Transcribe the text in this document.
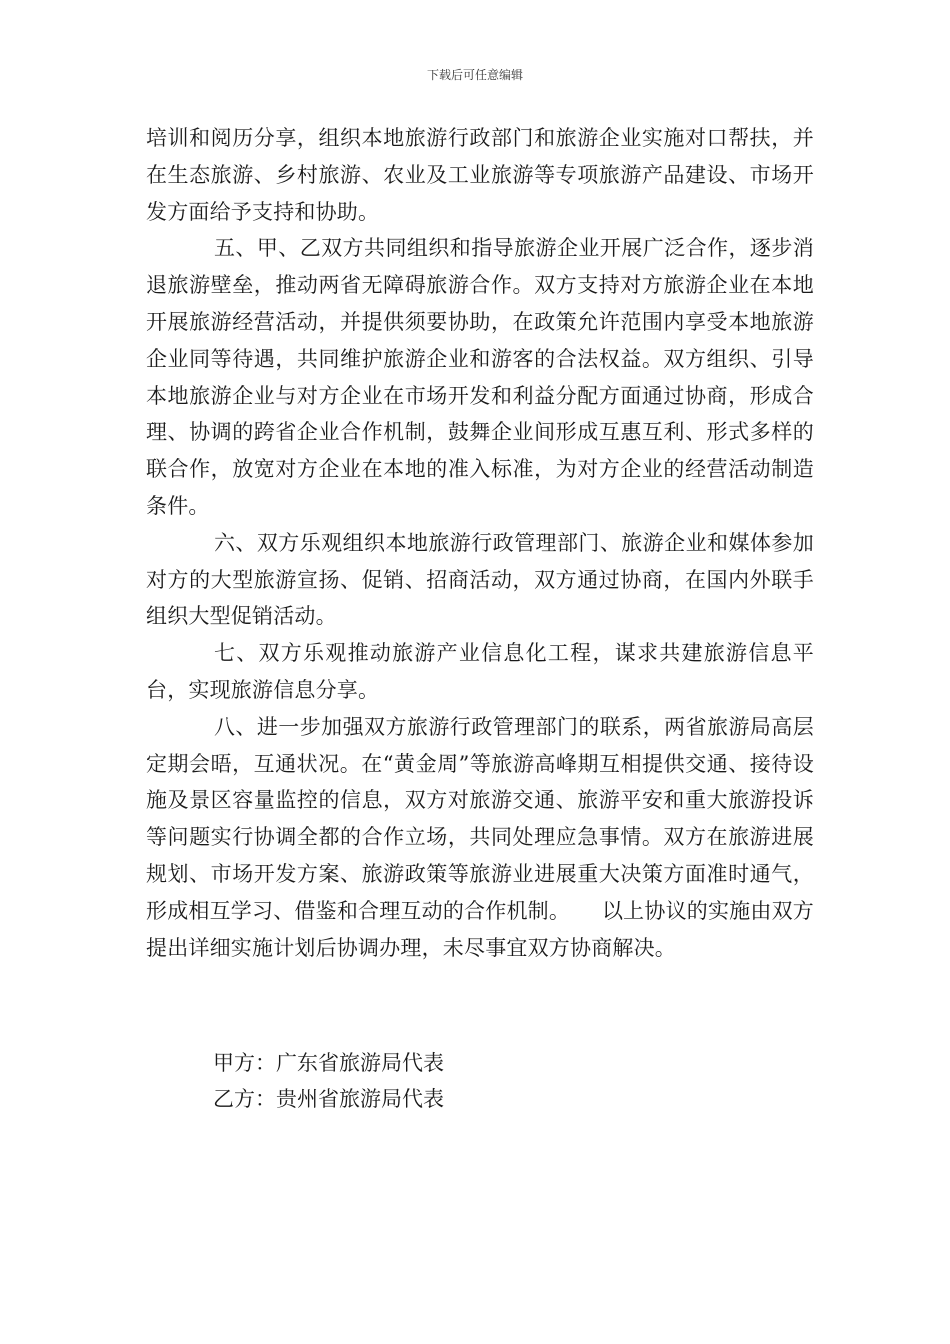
下载后可任意编辑

培训和阅历分享，组织本地旅游行政部门和旅游企业实施对口帮扶，并在生态旅游、乡村旅游、农业及工业旅游等专项旅游产品建设、市场开发方面给予支持和协助。

五、甲、乙双方共同组织和指导旅游企业开展广泛合作，逐步消退旅游壁垒，推动两省无障碍旅游合作。双方支持对方旅游企业在本地开展旅游经营活动，并提供须要协助，在政策允许范围内享受本地旅游企业同等待遇，共同维护旅游企业和游客的合法权益。双方组织、引导本地旅游企业与对方企业在市场开发和利益分配方面通过协商，形成合理、协调的跨省企业合作机制，鼓舞企业间形成互惠互利、形式多样的联合作，放宽对方企业在本地的准入标准，为对方企业的经营活动制造条件。

六、双方乐观组织本地旅游行政管理部门、旅游企业和媒体参加对方的大型旅游宣扬、促销、招商活动，双方通过协商，在国内外联手组织大型促销活动。

七、双方乐观推动旅游产业信息化工程，谋求共建旅游信息平台，实现旅游信息分享。

八、进一步加强双方旅游行政管理部门的联系，两省旅游局高层定期会晤，互通状况。在“黄金周”等旅游高峰期互相提供交通、接待设施及景区容量监控的信息，双方对旅游交通、旅游平安和重大旅游投诉等问题实行协调全都的合作立场，共同处理应急事情。双方在旅游进展规划、市场开发方案、旅游政策等旅游业进展重大决策方面准时通气，形成相互学习、借鉴和合理互动的合作机制。　　以上协议的实施由双方提出详细实施计划后协调办理，未尽事宜双方协商解决。

甲方：广东省旅游局代表
乙方：贵州省旅游局代表
